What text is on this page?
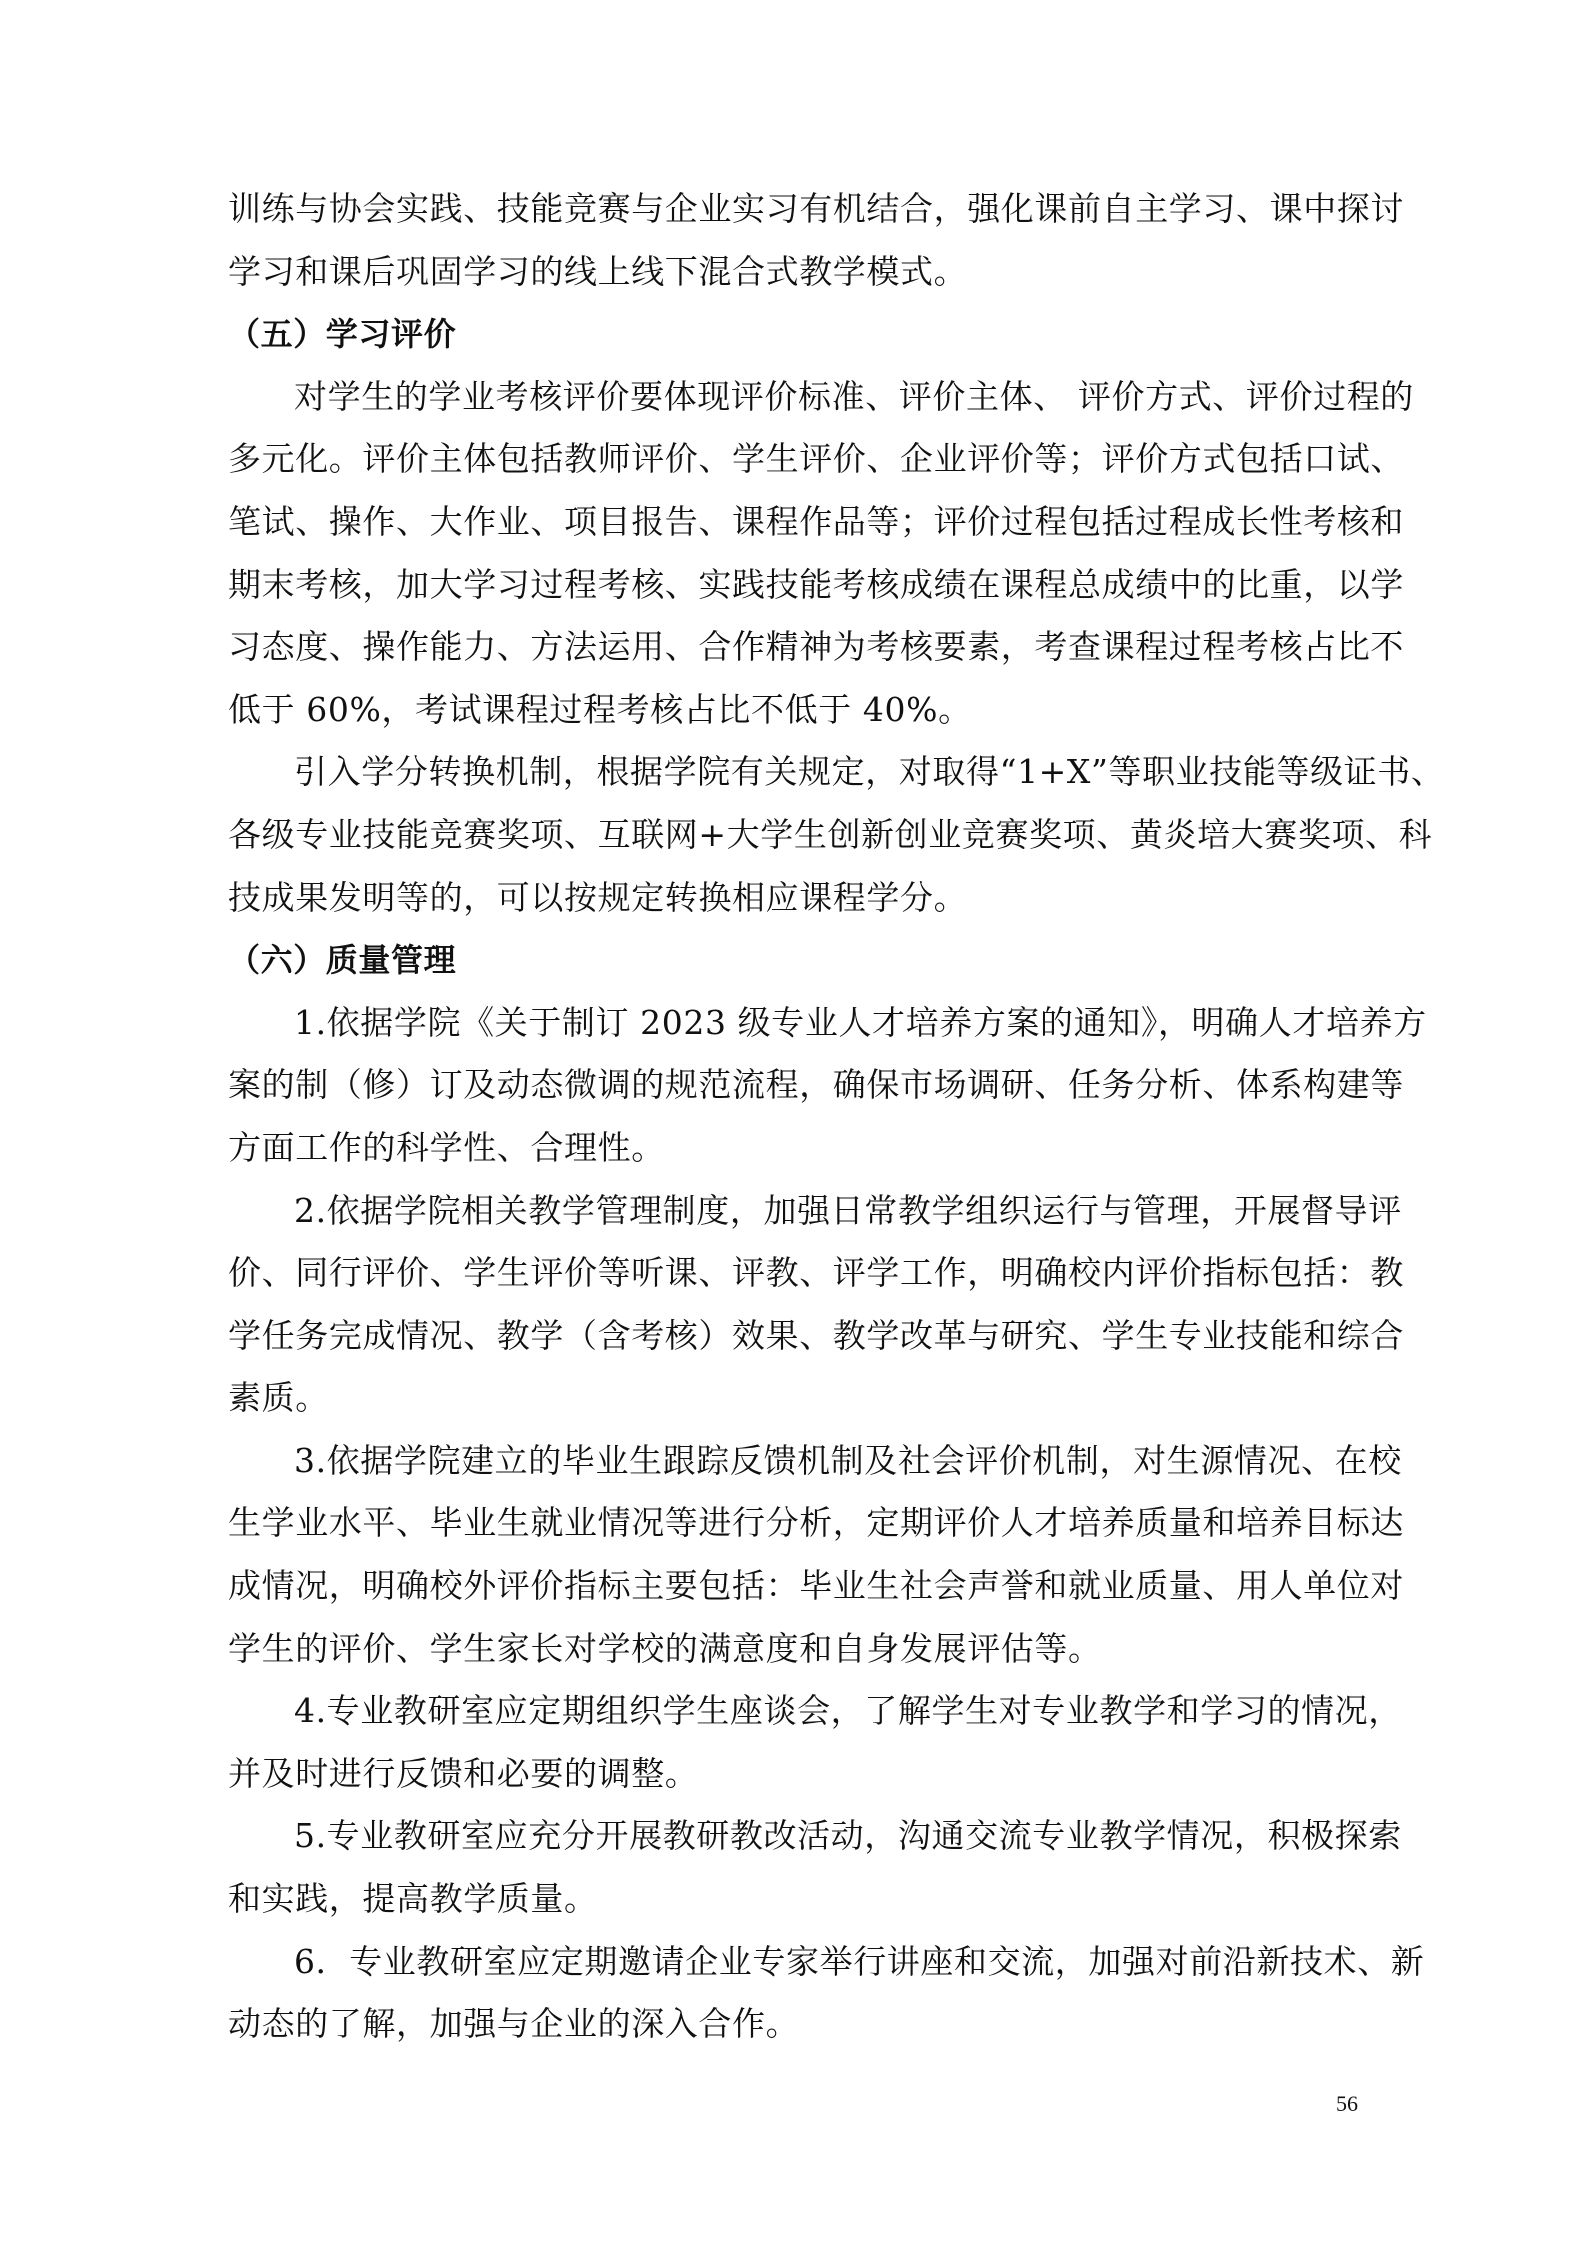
训练与协会实践、技能竞赛与企业实习有机结合，强化课前自主学习、课中探讨
学习和课后巩固学习的线上线下混合式教学模式。
（五）学习评价
对学生的学业考核评价要体现评价标准、评价主体、 评价方式、评价过程的
多元化。评价主体包括教师评价、学生评价、企业评价等；评价方式包括口试、
笔试、操作、大作业、项目报告、课程作品等；评价过程包括过程成长性考核和
期末考核，加大学习过程考核、实践技能考核成绩在课程总成绩中的比重，以学
习态度、操作能力、方法运用、合作精神为考核要素，考查课程过程考核占比不
低于 60%，考试课程过程考核占比不低于 40%。
引入学分转换机制，根据学院有关规定，对取得“1+X”等职业技能等级证书、
各级专业技能竞赛奖项、互联网+大学生创新创业竞赛奖项、黄炎培大赛奖项、科
技成果发明等的，可以按规定转换相应课程学分。
（六）质量管理
1.依据学院《关于制订 2023 级专业人才培养方案的通知》，明确人才培养方
案的制（修）订及动态微调的规范流程，确保市场调研、任务分析、体系构建等
方面工作的科学性、合理性。
2.依据学院相关教学管理制度，加强日常教学组织运行与管理，开展督导评
价、同行评价、学生评价等听课、评教、评学工作，明确校内评价指标包括：教
学任务完成情况、教学（含考核）效果、教学改革与研究、学生专业技能和综合
素质。
3.依据学院建立的毕业生跟踪反馈机制及社会评价机制，对生源情况、在校
生学业水平、毕业生就业情况等进行分析，定期评价人才培养质量和培养目标达
成情况，明确校外评价指标主要包括：毕业生社会声誉和就业质量、用人单位对
学生的评价、学生家长对学校的满意度和自身发展评估等。
4.专业教研室应定期组织学生座谈会，了解学生对专业教学和学习的情况，
并及时进行反馈和必要的调整。
5.专业教研室应充分开展教研教改活动，沟通交流专业教学情况，积极探索
和实践，提高教学质量。
6．专业教研室应定期邀请企业专家举行讲座和交流，加强对前沿新技术、新
动态的了解，加强与企业的深入合作。
56
